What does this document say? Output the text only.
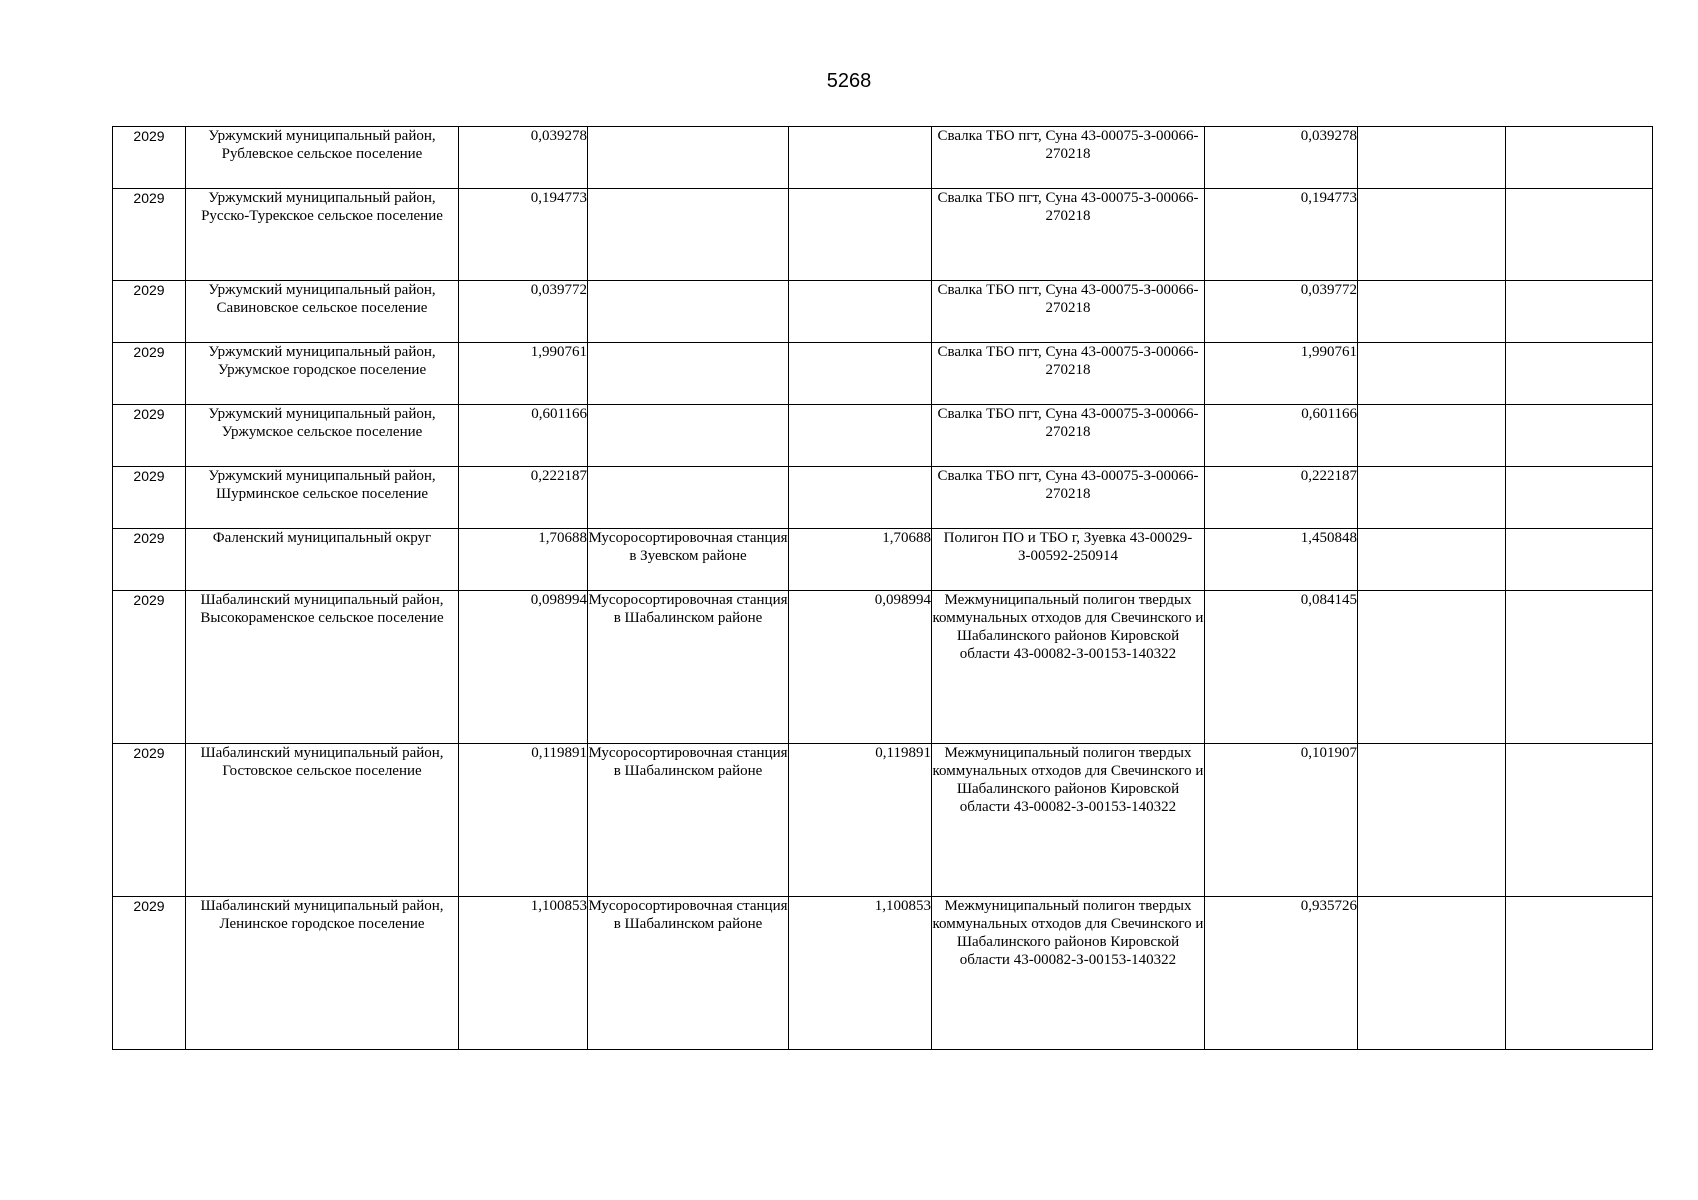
5268
2029	Уржумский муниципальный район, Рублевское сельское поселение	0,039278			Свалка ТБО пгт, Суна 43-00075-З-00066-270218	0,039278		
2029	Уржумский муниципальный район, Русско-Турекское сельское поселение	0,194773			Свалка ТБО пгт, Суна 43-00075-З-00066-270218	0,194773		
2029	Уржумский муниципальный район, Савиновское сельское поселение	0,039772			Свалка ТБО пгт, Суна 43-00075-З-00066-270218	0,039772		
2029	Уржумский муниципальный район, Уржумское городское поселение	1,990761			Свалка ТБО пгт, Суна 43-00075-З-00066-270218	1,990761		
2029	Уржумский муниципальный район, Уржумское сельское поселение	0,601166			Свалка ТБО пгт, Суна 43-00075-З-00066-270218	0,601166		
2029	Уржумский муниципальный район, Шурминское сельское поселение	0,222187			Свалка ТБО пгт, Суна 43-00075-З-00066-270218	0,222187		
2029	Фаленский муниципальный округ	1,70688	Мусоросортировочная станция в Зуевском районе	1,70688	Полигон ПО и ТБО г, Зуевка 43-00029-З-00592-250914	1,450848		
2029	Шабалинский муниципальный район, Высокораменское сельское поселение	0,098994	Мусоросортировочная станция в Шабалинском районе	0,098994	Межмуниципальный полигон твердых коммунальных отходов для Свечинского и Шабалинского районов Кировской области 43-00082-З-00153-140322	0,084145		
2029	Шабалинский муниципальный район, Гостовское сельское поселение	0,119891	Мусоросортировочная станция в Шабалинском районе	0,119891	Межмуниципальный полигон твердых коммунальных отходов для Свечинского и Шабалинского районов Кировской области 43-00082-З-00153-140322	0,101907		
2029	Шабалинский муниципальный район, Ленинское городское поселение	1,100853	Мусоросортировочная станция в Шабалинском районе	1,100853	Межмуниципальный полигон твердых коммунальных отходов для Свечинского и Шабалинского районов Кировской области 43-00082-З-00153-140322	0,935726		
